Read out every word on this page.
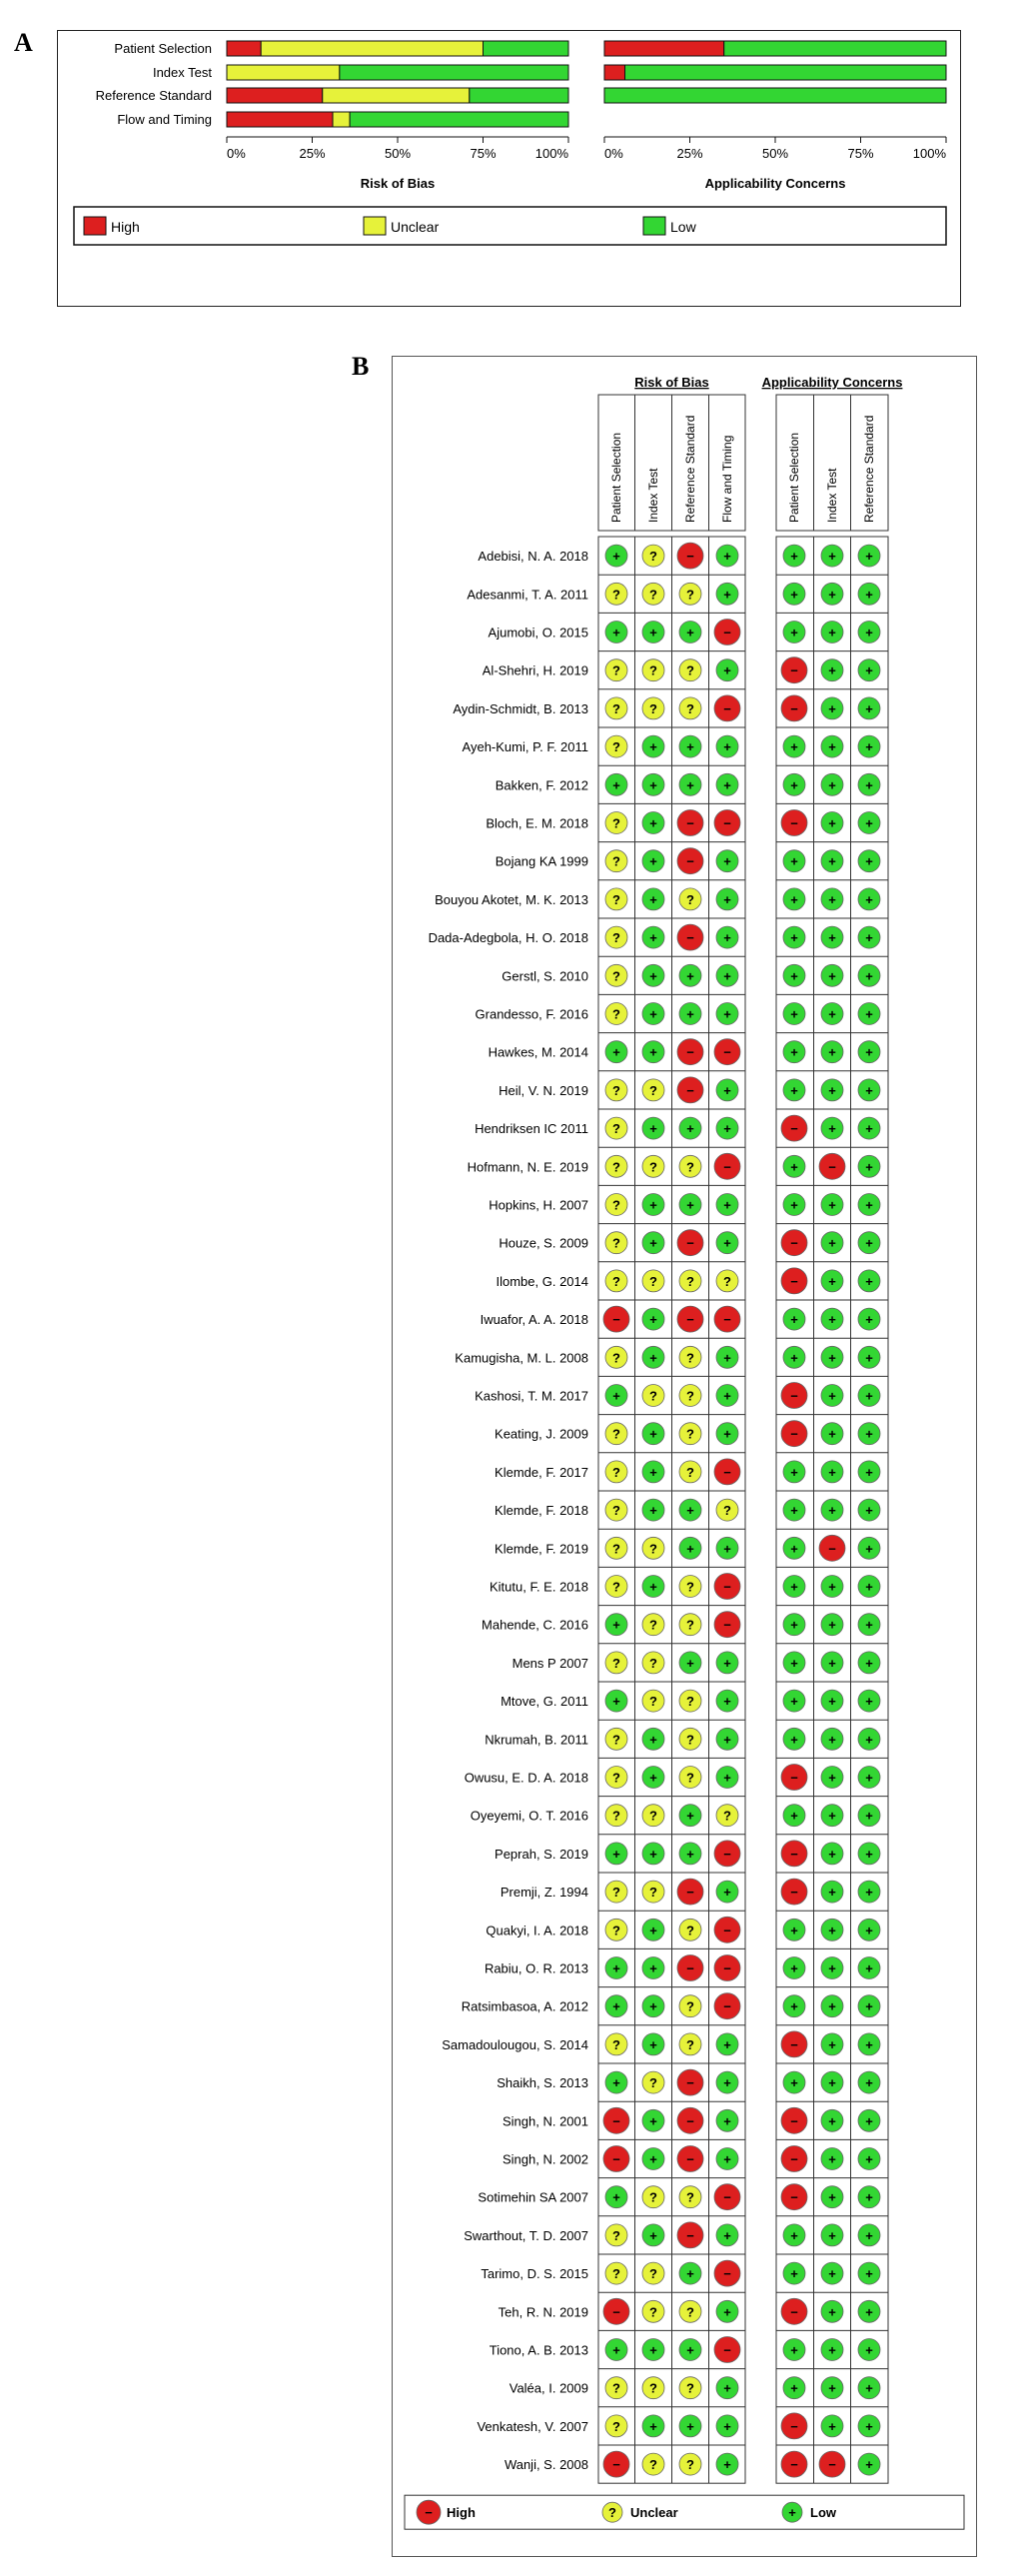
A	Patient Selection
Index Test
Reference Standard
Flow and Timing
0%	25%	50%	75%	100%
Risk of Bias
0%	25%	50%	75%	100%
Applicability Concerns
High	Unclear	Low
B
Risk of Bias	Applicability Concerns
Patient Selection Index Test Reference Standard Flow and Timing	Patient Selection Index Test Reference Standard
Adebisi, N. A. 2018 + ? − +	+ + +
Adesanmi, T. A. 2011 ? ? ? +	+ + +
Ajumobi, O. 2015 + + + −	+ + +
Al-Shehri, H. 2019 ? ? ? +	− + +
Aydin-Schmidt, B. 2013 ? ? ? −	− + +
Ayeh-Kumi, P. F. 2011 ? + + +	+ + +
Bakken, F. 2012 + + + +	+ + +
Bloch, E. M. 2018 ? + − −	− + +
Bojang KA 1999 ? + − +	+ + +
Bouyou Akotet, M. K. 2013 ? + ? +	+ + +
Dada-Adegbola, H. O. 2018 ? + − +	+ + +
Gerstl, S. 2010 ? + + +	+ + +
Grandesso, F. 2016 ? + + +	+ + +
Hawkes, M. 2014 + + − −	+ + +
Heil, V. N. 2019 ? ? − +	+ + +
Hendriksen IC 2011 ? + + +	− + +
Hofmann, N. E. 2019 ? ? ? −	+ − +
Hopkins, H. 2007 ? + + +	+ + +
Houze, S. 2009 ? + − +	− + +
Ilombe, G. 2014 ? ? ? ?	− + +
Iwuafor, A. A. 2018 − + − −	+ + +
Kamugisha, M. L. 2008 ? + ? +	+ + +
Kashosi, T. M. 2017 + ? ? +	− + +
Keating, J. 2009 ? + ? +	− + +
Klemde, F. 2017 ? + ? −	+ + +
Klemde, F. 2018 ? + + ?	+ + +
Klemde, F. 2019 ? ? + +	+ − +
Kitutu, F. E. 2018 ? + ? −	+ + +
Mahende, C. 2016 + ? ? −	+ + +
Mens P 2007 ? ? + +	+ + +
Mtove, G. 2011 + ? ? +	+ + +
Nkrumah, B. 2011 ? + ? +	+ + +
Owusu, E. D. A. 2018 ? + ? +	− + +
Oyeyemi, O. T. 2016 ? ? + ?	+ + +
Peprah, S. 2019 + + + −	− + +
Premji, Z. 1994 ? ? − +	− + +
Quakyi, I. A. 2018 ? + ? −	+ + +
Rabiu, O. R. 2013 + + − −	+ + +
Ratsimbasoa, A. 2012 + + ? −	+ + +
Samadoulougou, S. 2014 ? + ? +	− + +
Shaikh, S. 2013 + ? − +	+ + +
Singh, N. 2001 − + − +	− + +
Singh, N. 2002 − + − +	− + +
Sotimehin SA 2007 + ? ? −	− + +
Swarthout, T. D. 2007 ? + − +	+ + +
Tarimo, D. S. 2015 ? ? + −	+ + +
Teh, R. N. 2019 − ? ? +	− + +
Tiono, A. B. 2013 + + + −	+ + +
Valéa, I. 2009 ? ? ? +	+ + +
Venkatesh, V. 2007 ? + + +	− + +
Wanji, S. 2008 − ? ? +	− − +
− High	? Unclear	+ Low
